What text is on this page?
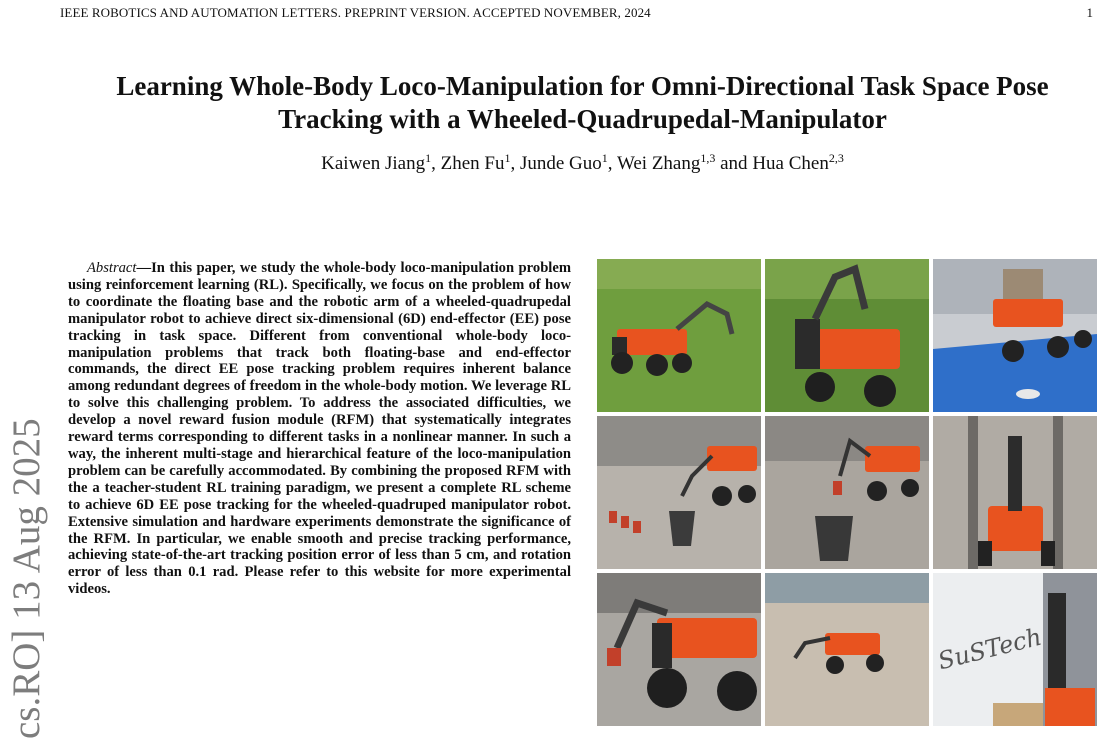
IEEE ROBOTICS AND AUTOMATION LETTERS. PREPRINT VERSION. ACCEPTED NOVEMBER, 2024	1
Learning Whole-Body Loco-Manipulation for Omni-Directional Task Space Pose
Tracking with a Wheeled-Quadrupedal-Manipulator
Kaiwen Jiang$^1$, Zhen Fu$^1$, Junde Guo$^1$, Wei Zhang$^{1,3}$ and Hua Chen$^{2,3}$
cs.RO] 13 Aug 2025

Abstract—In this paper, we study the whole-body loco-manipulation problem using reinforcement learning (RL). Specifically, we focus on the problem of how to coordinate the floating base and the robotic arm of a wheeled-quadrupedal manipulator robot to achieve direct six-dimensional (6D) end-effector (EE) pose tracking in task space. Different from conventional whole-body loco-manipulation problems that track both floating-base and end-effector commands, the direct EE pose tracking problem requires inherent balance among redundant degrees of freedom in the whole-body motion. We leverage RL to solve this challenging problem. To address the associated difficulties, we develop a novel reward fusion module (RFM) that systematically integrates reward terms corresponding to different tasks in a nonlinear manner. In such a way, the inherent multi-stage and hierarchical feature of the loco-manipulation problem can be carefully accommodated. By combining the proposed RFM with the a teacher-student RL training paradigm, we present a complete RL scheme to achieve 6D EE pose tracking for the wheeled-quadruped manipulator robot. Extensive simulation and hardware experiments demonstrate the significance of the RFM. In particular, we enable smooth and precise tracking performance, achieving state-of-the-art tracking position error of less than 5 cm, and rotation error of less than 0.1 rad. Please refer to this website for more experimental videos.

SuSTech
